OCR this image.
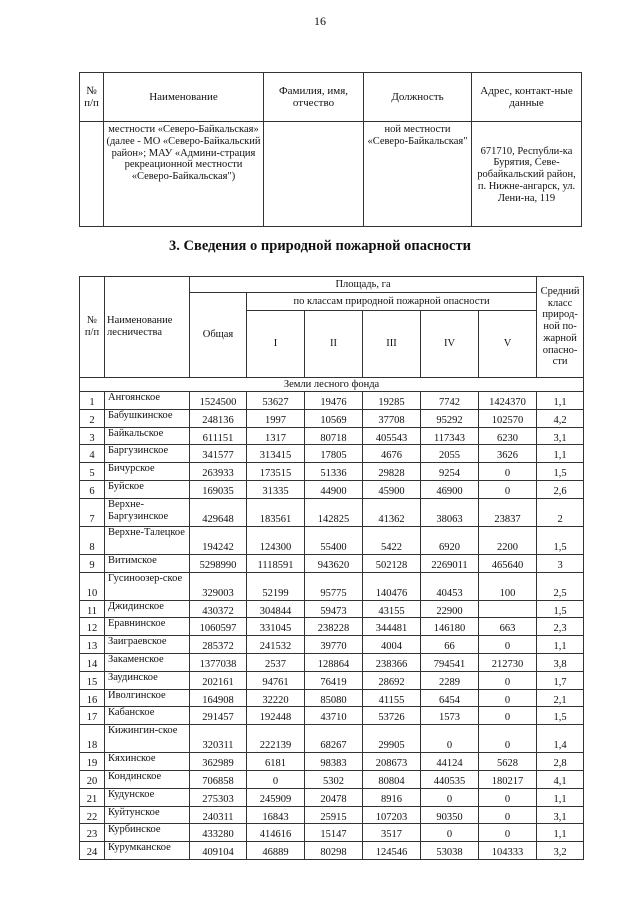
16
№ п/п	Наименование	Фамилия, имя, отчество	Должность	Адрес, контакт-ные данные
	местности «Северо-Байкальская» (далее - МО «Северо-Байкальский район»; МАУ «Админи-страция рекреационной местности «Северо-Байкальская")		ной местности «Северо-Байкальская"	671710, Республи-ка Бурятия, Севе-робайкальский район, п. Нижне-ангарск, ул. Лени-на, 119
3. Сведения о природной пожарной опасности
№ п/п	Наименование лесничества	Площадь, га						Средний класс природ-ной по-жарной опасно-сти
		Общая	по классам природной пожарной опасности					
			I	II	III	IV	V	
Земли лесного фонда								
1	Ангоянское	1524500	53627	19476	19285	7742	1424370	1,1
2	Бабушкинское	248136	1997	10569	37708	95292	102570	4,2
3	Байкальское	611151	1317	80718	405543	117343	6230	3,1
4	Баргузинское	341577	313415	17805	4676	2055	3626	1,1
5	Бичурское	263933	173515	51336	29828	9254	0	1,5
6	Буйское	169035	31335	44900	45900	46900	0	2,6
7	Верхне-Баргузинское	429648	183561	142825	41362	38063	23837	2
8	Верхне-Талецкое	194242	124300	55400	5422	6920	2200	1,5
9	Витимское	5298990	1118591	943620	502128	2269011	465640	3
10	Гусиноозер-ское	329003	52199	95775	140476	40453	100	2,5
11	Джидинское	430372	304844	59473	43155	22900		1,5
12	Еравнинское	1060597	331045	238228	344481	146180	663	2,3
13	Заиграевское	285372	241532	39770	4004	66	0	1,1
14	Закаменское	1377038	2537	128864	238366	794541	212730	3,8
15	Заудинское	202161	94761	76419	28692	2289	0	1,7
16	Иволгинское	164908	32220	85080	41155	6454	0	2,1
17	Кабанское	291457	192448	43710	53726	1573	0	1,5
18	Кижингин-ское	320311	222139	68267	29905	0	0	1,4
19	Кяхинское	362989	6181	98383	208673	44124	5628	2,8
20	Кондинское	706858	0	5302	80804	440535	180217	4,1
21	Кудунское	275303	245909	20478	8916	0	0	1,1
22	Куйтунское	240311	16843	25915	107203	90350	0	3,1
23	Курбинское	433280	414616	15147	3517	0	0	1,1
24	Курумканское	409104	46889	80298	124546	53038	104333	3,2
